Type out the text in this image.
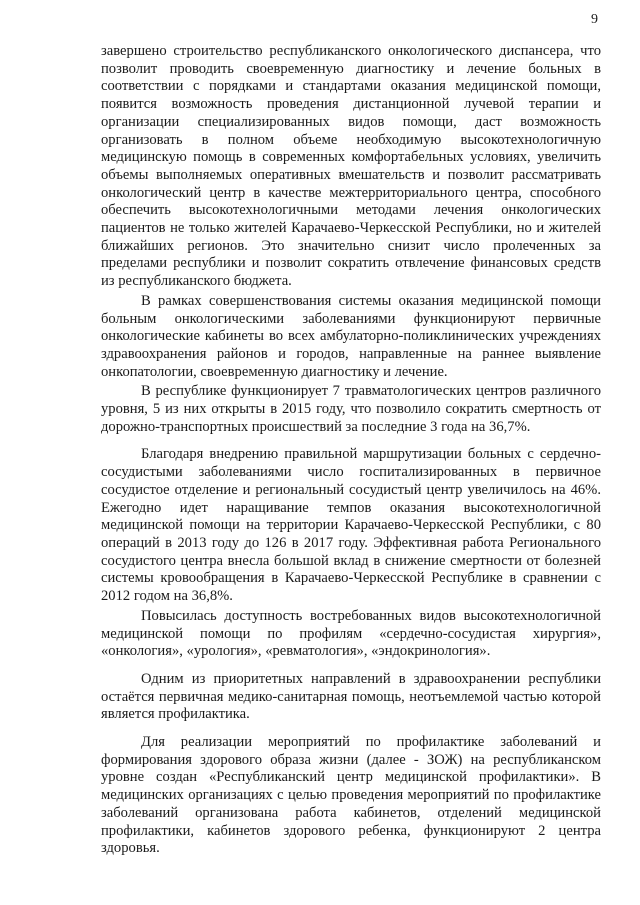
9

завершено строительство республиканского онкологического диспансера, что позволит проводить своевременную диагностику и лечение больных в соответствии с порядками и стандартами оказания медицинской помощи, появится возможность проведения дистанционной лучевой терапии и организации специализированных видов помощи, даст возможность организовать в полном объеме необходимую высокотехнологичную медицинскую помощь в современных комфортабельных условиях, увеличить объемы выполняемых оперативных вмешательств и позволит рассматривать онкологический центр в качестве межтерриториального центра, способного обеспечить высокотехнологичными методами лечения онкологических пациентов не только жителей Карачаево-Черкесской Республики, но и жителей ближайших регионов. Это значительно снизит число пролеченных за пределами республики и позволит сократить отвлечение финансовых средств из республиканского бюджета.

В рамках совершенствования системы оказания медицинской помощи больным онкологическими заболеваниями функционируют первичные онкологические кабинеты во всех амбулаторно-поликлинических учреждениях здравоохранения районов и городов, направленные на раннее выявление онкопатологии, своевременную диагностику и лечение.

В республике функционирует 7 травматологических центров различного уровня, 5 из них открыты в 2015 году, что позволило сократить смертность от дорожно-транспортных происшествий за последние 3 года на 36,7%.

Благодаря внедрению правильной маршрутизации больных с сердечно-сосудистыми заболеваниями число госпитализированных в первичное сосудистое отделение и региональный сосудистый центр увеличилось на 46%. Ежегодно идет наращивание темпов оказания высокотехнологичной медицинской помощи на территории Карачаево-Черкесской Республики, с 80 операций в 2013 году до 126 в 2017 году. Эффективная работа Регионального сосудистого центра внесла большой вклад в снижение смертности от болезней системы кровообращения в Карачаево-Черкесской Республике в сравнении с 2012 годом на 36,8%.

Повысилась доступность востребованных видов высокотехнологичной медицинской помощи по профилям «сердечно-сосудистая хирургия», «онкология», «урология», «ревматология», «эндокринология».

Одним из приоритетных направлений в здравоохранении республики остаётся первичная медико-санитарная помощь, неотъемлемой частью которой является профилактика.

Для реализации мероприятий по профилактике заболеваний и формирования здорового образа жизни (далее - ЗОЖ) на республиканском уровне создан «Республиканский центр медицинской профилактики». В медицинских организациях с целью проведения мероприятий по профилактике заболеваний организована работа кабинетов, отделений медицинской профилактики, кабинетов здорового ребенка, функционируют 2 центра здоровья.
